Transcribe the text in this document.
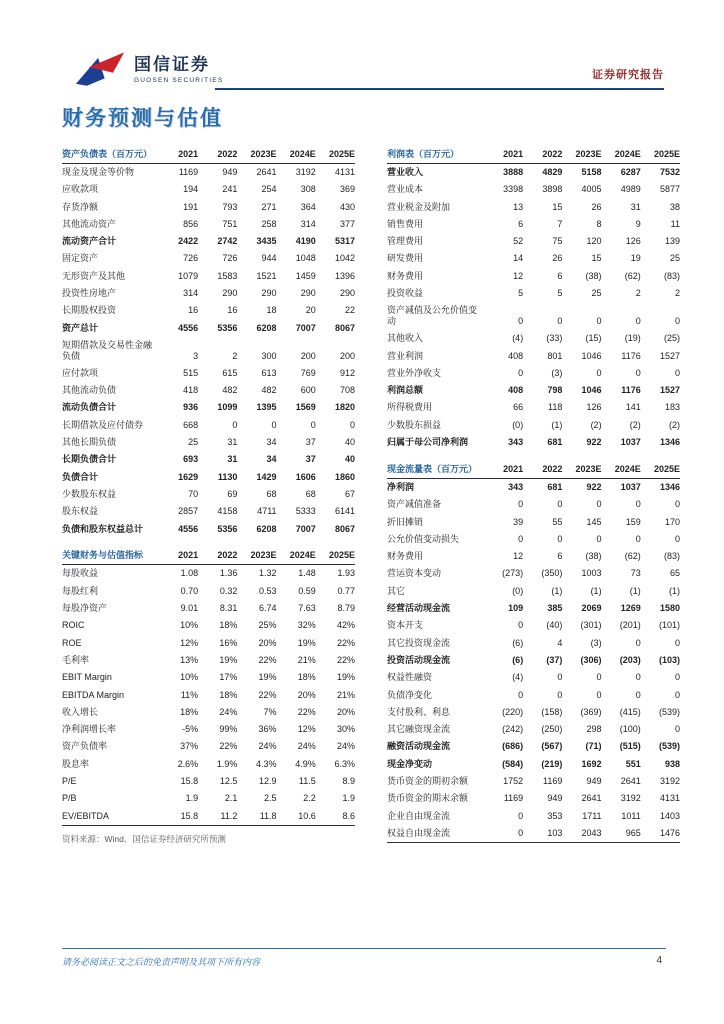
国信证券
GUOSEN SECURITIES	证券研究报告
财务预测与估值
资产负债表（百万元）	2021	2022	2023E	2024E	2025E
现金及现金等价物	1169	949	2641	3192	4131
应收款项	194	241	254	308	369
存货净额	191	793	271	364	430
其他流动资产	856	751	258	314	377
流动资产合计	2422	2742	3435	4190	5317
固定资产	726	726	944	1048	1042
无形资产及其他	1079	1583	1521	1459	1396
投资性房地产	314	290	290	290	290
长期股权投资	16	16	18	20	22
资产总计	4556	5356	6208	7007	8067
短期借款及交易性金融负债	3	2	300	200	200
应付款项	515	615	613	769	912
其他流动负债	418	482	482	600	708
流动负债合计	936	1099	1395	1569	1820
长期借款及应付债券	668	0	0	0	0
其他长期负债	25	31	34	37	40
长期负债合计	693	31	34	37	40
负债合计	1629	1130	1429	1606	1860
少数股东权益	70	69	68	68	67
股东权益	2857	4158	4711	5333	6141
负债和股东权益总计	4556	5356	6208	7007	8067
关键财务与估值指标	2021	2022	2023E	2024E	2025E
每股收益	1.08	1.36	1.32	1.48	1.93
每股红利	0.70	0.32	0.53	0.59	0.77
每股净资产	9.01	8.31	6.74	7.63	8.79
ROIC	10%	18%	25%	32%	42%
ROE	12%	16%	20%	19%	22%
毛利率	13%	19%	22%	21%	22%
EBIT Margin	10%	17%	19%	18%	19%
EBITDA Margin	11%	18%	22%	20%	21%
收入增长	18%	24%	7%	22%	20%
净利润增长率	-5%	99%	36%	12%	30%
资产负债率	37%	22%	24%	24%	24%
股息率	2.6%	1.9%	4.3%	4.9%	6.3%
P/E	15.8	12.5	12.9	11.5	8.9
P/B	1.9	2.1	2.5	2.2	1.9
EV/EBITDA	15.8	11.2	11.8	10.6	8.6
资料来源：Wind、国信证券经济研究所预测
利润表（百万元）	2021	2022	2023E	2024E	2025E
营业收入	3888	4829	5158	6287	7532
营业成本	3398	3898	4005	4989	5877
营业税金及附加	13	15	26	31	38
销售费用	6	7	8	9	11
管理费用	52	75	120	126	139
研发费用	14	26	15	19	25
财务费用	12	6	(38)	(62)	(83)
投资收益	5	5	25	2	2
资产减值及公允价值变动	0	0	0	0	0
其他收入	(4)	(33)	(15)	(19)	(25)
营业利润	408	801	1046	1176	1527
营业外净收支	0	(3)	0	0	0
利润总额	408	798	1046	1176	1527
所得税费用	66	118	126	141	183
少数股东损益	(0)	(1)	(2)	(2)	(2)
归属于母公司净利润	343	681	922	1037	1346
现金流量表（百万元）	2021	2022	2023E	2024E	2025E
净利润	343	681	922	1037	1346
资产减值准备	0	0	0	0	0
折旧摊销	39	55	145	159	170
公允价值变动损失	0	0	0	0	0
财务费用	12	6	(38)	(62)	(83)
营运资本变动	(273)	(350)	1003	73	65
其它	(0)	(1)	(1)	(1)	(1)
经营活动现金流	109	385	2069	1269	1580
资本开支	0	(40)	(301)	(201)	(101)
其它投资现金流	(6)	4	(3)	0	0
投资活动现金流	(6)	(37)	(306)	(203)	(103)
权益性融资	(4)	0	0	0	0
负债净变化	0	0	0	0	0
支付股利、利息	(220)	(158)	(369)	(415)	(539)
其它融资现金流	(242)	(250)	298	(100)	0
融资活动现金流	(686)	(567)	(71)	(515)	(539)
现金净变动	(584)	(219)	1692	551	938
货币资金的期初余额	1752	1169	949	2641	3192
货币资金的期末余额	1169	949	2641	3192	4131
企业自由现金流	0	353	1711	1011	1403
权益自由现金流	0	103	2043	965	1476
请务必阅读正文之后的免责声明及其项下所有内容	4
